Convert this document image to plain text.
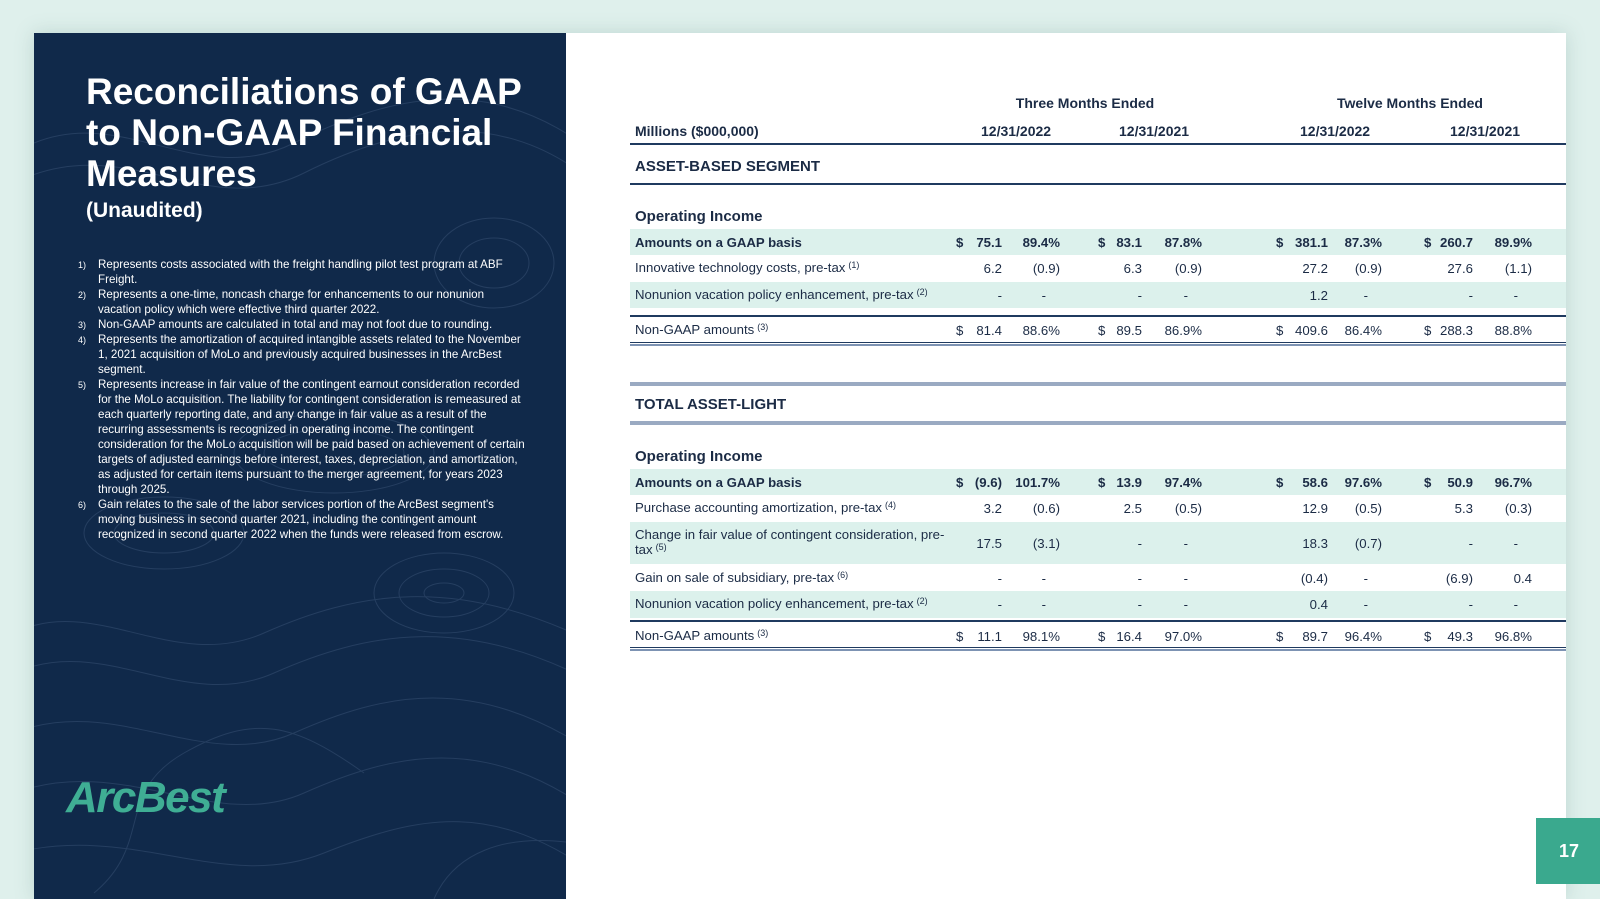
Reconciliations of GAAP to Non-GAAP Financial Measures
(Unaudited)
1) Represents costs associated with the freight handling pilot test program at ABF Freight.
2) Represents a one-time, noncash charge for enhancements to our nonunion vacation policy which were effective third quarter 2022.
3) Non-GAAP amounts are calculated in total and may not foot due to rounding.
4) Represents the amortization of acquired intangible assets related to the November 1, 2021 acquisition of MoLo and previously acquired businesses in the ArcBest segment.
5) Represents increase in fair value of the contingent earnout consideration recorded for the MoLo acquisition. The liability for contingent consideration is remeasured at each quarterly reporting date, and any change in fair value as a result of the recurring assessments is recognized in operating income. The contingent consideration for the MoLo acquisition will be paid based on achievement of certain targets of adjusted earnings before interest, taxes, depreciation, and amortization, as adjusted for certain items pursuant to the merger agreement, for years 2023 through 2025.
6) Gain relates to the sale of the labor services portion of the ArcBest segment's moving business in second quarter 2021, including the contingent amount recognized in second quarter 2022 when the funds were released from escrow.
ArcBest
Three Months Ended	Twelve Months Ended
Millions ($000,000)	12/31/2022	12/31/2021	12/31/2022	12/31/2021
ASSET-BASED SEGMENT
Operating Income
TOTAL ASSET-LIGHT
Operating Income
Amounts on a GAAP basis	$ 75.1 89.4%	$ 83.1 87.8%	$ 381.1 87.3%	$ 260.7 89.9%
Innovative technology costs, pre-tax $^{(1)}$	6.2 (0.9)	6.3 (0.9)	27.2 (0.9)	27.6 (1.1)
Nonunion vacation policy enhancement, pre-tax $^{(2)}$	-	-	-	-	1.2	-	-	-
Non-GAAP amounts $^{(3)}$	$ 81.4 88.6%	$ 89.5 86.9%	$ 409.6 86.4%	$ 288.3 88.8%
Amounts on a GAAP basis	$ (9.6) 101.7%	$ 13.9 97.4%	$ 58.6 97.6%	$ 50.9 96.7%
Purchase accounting amortization, pre-tax $^{(4)}$	3.2 (0.6)	2.5 (0.5)	12.9 (0.5)	5.3 (0.3)
Change in fair value of contingent consideration, pre-tax $^{(5)}$	17.5 (3.1)	-	-	18.3 (0.7)	-	-
Gain on sale of subsidiary, pre-tax $^{(6)}$	-	-	-	-	(0.4)	-	(6.9)	0.4
Nonunion vacation policy enhancement, pre-tax $^{(2)}$	-	-	-	-	0.4	-	-	-
Non-GAAP amounts $^{(3)}$	$ 11.1 98.1%	$ 16.4 97.0%	$ 89.7 96.4%	$ 49.3 96.8%
17
